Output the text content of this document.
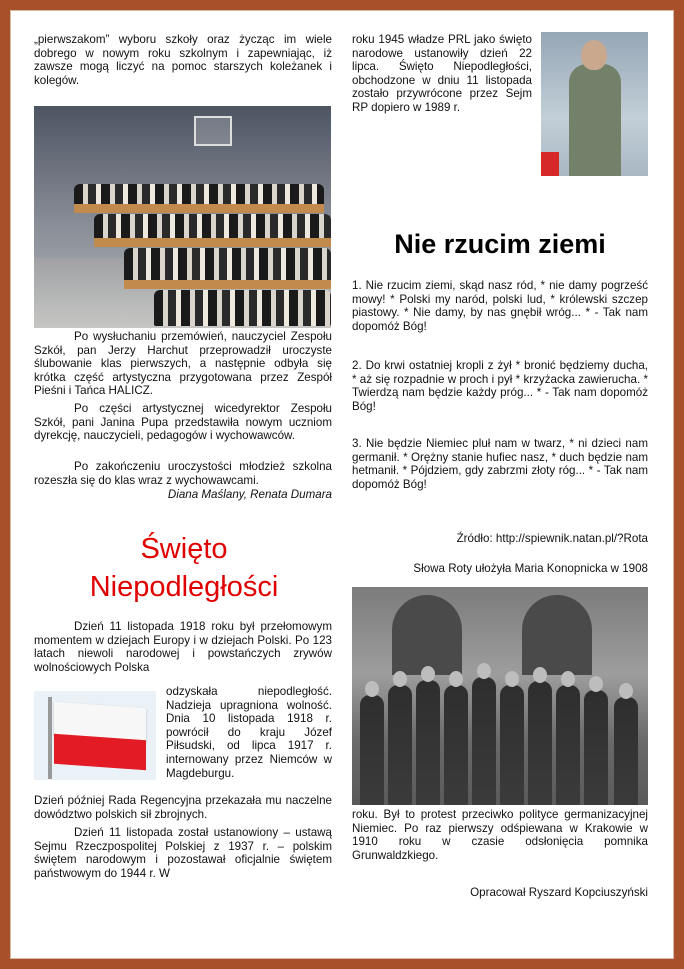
„pierwszakom” wyboru szkoły oraz życząc im wiele dobrego w nowym roku szkolnym i zapewniając, iż zawsze mogą liczyć na pomoc starszych koleżanek i kolegów.

Po wysłuchaniu przemówień, nauczyciel Zespołu Szkół, pan Jerzy Harchut przeprowadził uroczyste ślubowanie klas pierwszych, a następnie odbyła się krótka część artystyczna przygotowana przez Zespół Pieśni i Tańca HALICZ.

Po części artystycznej wicedyrektor Zespołu Szkół, pani Janina Pupa przedstawiła nowym uczniom dyrekcję, nauczycieli, pedagogów i wychowawców.

Po zakończeniu uroczystości młodzież szkolna rozeszła się do klas wraz z wychowawcami.

Diana Maślany, Renata Dumara

Święto
Niepodległości

Dzień 11 listopada 1918 roku był przełomowym momentem w dziejach Europy i w dziejach Polski. Po 123 latach niewoli narodowej i powstańczych zrywów wolnościowych Polska

odzyskała niepodległość. Nadzieja upragniona wolność. Dnia 10 listopada 1918 r. powrócił do kraju Józef Piłsudski, od lipca 1917 r. internowany przez Niemców w Magdeburgu.

Dzień później Rada Regencyjna przekazała mu naczelne dowództwo polskich sił zbrojnych.

Dzień 11 listopada został ustanowiony – ustawą Sejmu Rzeczpospolitej Polskiej z 1937 r. – polskim świętem narodowym i pozostawał oficjalnie świętem państwowym do 1944 r. W

roku 1945 władze PRL jako święto narodowe ustanowiły dzień 22 lipca. Święto Niepodległości, obchodzone w dniu 11 listopada zostało przywrócone przez Sejm RP dopiero w 1989 r.

Nie rzucim ziemi

1. Nie rzucim ziemi, skąd nasz ród, * nie damy pogrześć mowy! * Polski my naród, polski lud, * królewski szczep piastowy. * Nie damy, by nas gnębił wróg... * - Tak nam dopomóż Bóg!

2. Do krwi ostatniej kropli z żył * bronić będziemy ducha, * aż się rozpadnie w proch i pył * krzyżacka zawierucha. * Twierdzą nam będzie każdy próg... * - Tak nam dopomóż Bóg!

3. Nie będzie Niemiec pluł nam w twarz, * ni dzieci nam germanił. * Orężny stanie hufiec nasz, * duch będzie nam hetmanił. * Pójdziem, gdy zabrzmi złoty róg... * - Tak nam dopomóż Bóg!

Źródło: http://spiewnik.natan.pl/?Rota

Słowa Roty ułożyła Maria Konopnicka w 1908

roku. Był to protest przeciwko polityce germanizacyjnej Niemiec. Po raz pierwszy odśpiewana w Krakowie w 1910 roku w czasie odsłonięcia pomnika Grunwaldzkiego.

Opracował Ryszard Kopciuszyński
